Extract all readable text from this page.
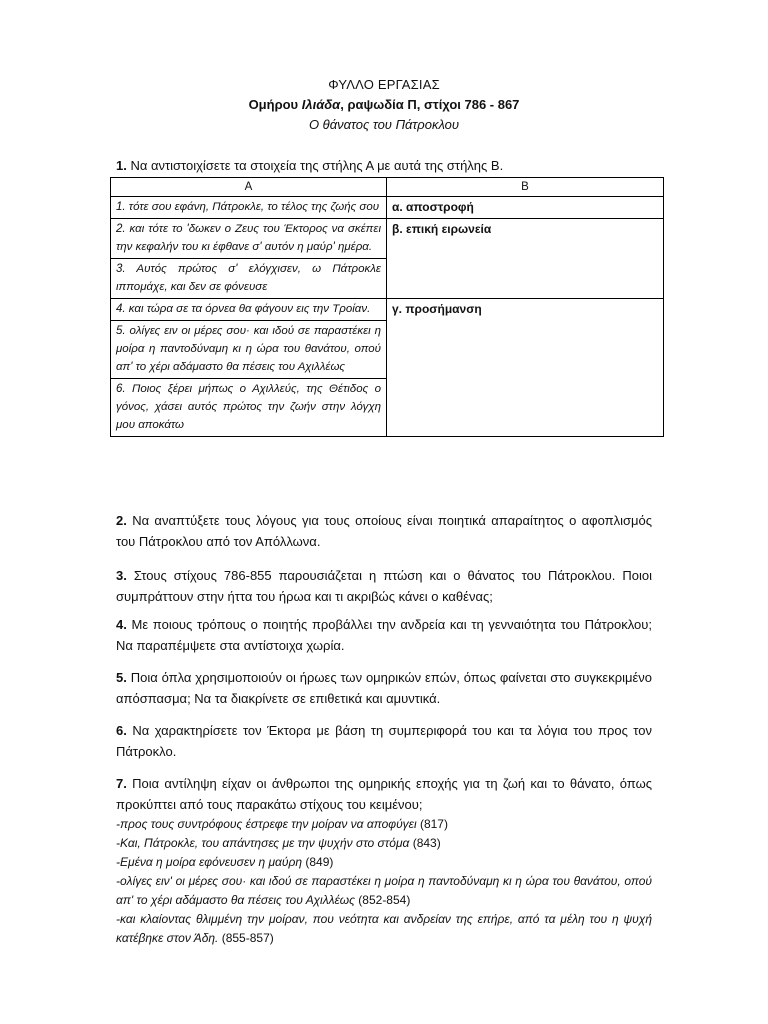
ΦΥΛΛΟ ΕΡΓΑΣΙΑΣ
Ομήρου Ιλιάδα, ραψωδία Π, στίχοι 786 - 867
Ο θάνατος του Πάτροκλου
1. Να αντιστοιχίσετε τα στοιχεία της στήλης Α με αυτά της στήλης Β.
Α	Β
1. τότε σου εφάνη, Πάτροκλε, το τέλος της ζωής σου	α. αποστροφή
2. και τότε το 'δωκεν ο Ζευς του Έκτορος να σκέπει την κεφαλήν του κι έφθανε σ' αυτόν η μαύρ' ημέρα.	β. επική ειρωνεία
3. Αυτός πρώτος σ' ελόγχισεν, ω Πάτροκλε ιππομάχε, και δεν σε φόνευσε	
4. και τώρα σε τα όρνεα θα φάγουν εις την Τροίαν.	γ. προσήμανση
5. ολίγες ειν οι μέρες σου· και ιδού σε παραστέκει η μοίρα η παντοδύναμη κι η ώρα του θανάτου, οπού απ' το χέρι αδάμαστο θα πέσεις του Αχιλλέως	
6. Ποιος ξέρει μήπως ο Αχιλλεύς, της Θέτιδος ο γόνος, χάσει αυτός πρώτος την ζωήν στην λόγχη μου αποκάτω	
2. Να αναπτύξετε τους λόγους για τους οποίους είναι ποιητικά απαραίτητος ο αφοπλισμός του Πάτροκλου από τον Απόλλωνα.
3. Στους στίχους 786-855 παρουσιάζεται η πτώση και ο θάνατος του Πάτροκλου. Ποιοι συμπράττουν στην ήττα του ήρωα και τι ακριβώς κάνει ο καθένας;
4. Με ποιους τρόπους ο ποιητής προβάλλει την ανδρεία και τη γενναιότητα του Πάτροκλου; Να παραπέμψετε στα αντίστοιχα χωρία.
5. Ποια όπλα χρησιμοποιούν οι ήρωες των ομηρικών επών, όπως φαίνεται στο συγκεκριμένο απόσπασμα; Να τα διακρίνετε σε επιθετικά και αμυντικά.
6. Να χαρακτηρίσετε τον Έκτορα με βάση τη συμπεριφορά του και τα λόγια του προς τον Πάτροκλο.
7. Ποια αντίληψη είχαν οι άνθρωποι της ομηρικής εποχής για τη ζωή και το θάνατο, όπως προκύπτει από τους παρακάτω στίχους του κειμένου;
-προς τους συντρόφους έστρεφε την μοίραν να αποφύγει (817)
-Και, Πάτροκλε, του απάντησες με την ψυχήν στο στόμα (843)
-Εμένα η μοίρα εφόνευσεν η μαύρη (849)
-ολίγες ειν' οι μέρες σου· και ιδού σε παραστέκει η μοίρα η παντοδύναμη κι η ώρα του θανάτου, οπού απ' το χέρι αδάμαστο θα πέσεις του Αχιλλέως (852-854)
-και κλαίοντας θλιμμένη την μοίραν, που νεότητα και ανδρείαν της επήρε, από τα μέλη του η ψυχή κατέβηκε στον Άδη. (855-857)
